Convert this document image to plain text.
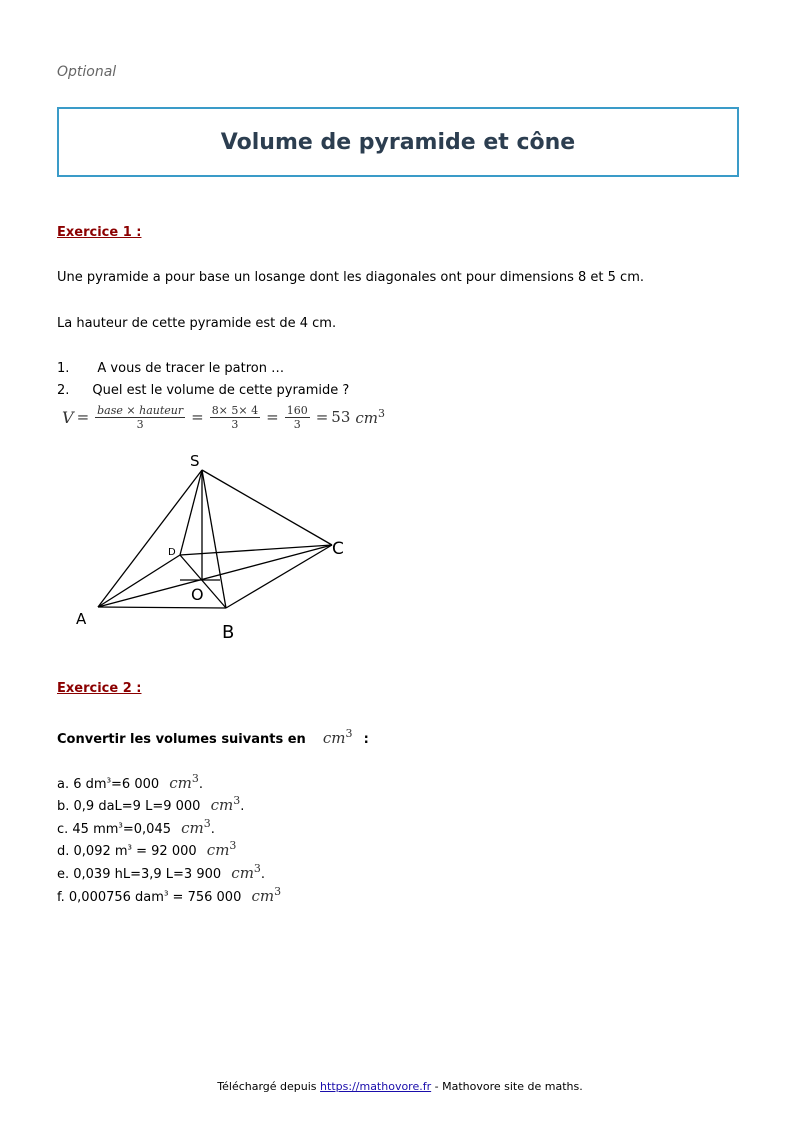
Optional
Volume de pyramide et cône
Exercice 1 :
Une pyramide a pour base un losange dont les diagonales ont pour dimensions 8 et 5 cm.
La hauteur de cette pyramide est de 4 cm.
1. A vous de tracer le patron …
2. Quel est le volume de cette pyramide ?
$V = \frac{\text{base × hauteur}}{3} = \frac{8\times 5\times 4}{3} = \frac{160}{3} = 53$ $cm^3$
S
A
B
C
D
O
Exercice 2 :
Convertir les volumes suivants en $cm^3$ :
a. 6 $dm^3=6$ 000 $cm^3$.
b. 0,9 daL=9 L=9 000 $cm^3$.
c. 45 $mm^3=0,045$ $cm^3$.
d. 0,092 $m^3 = 92$ 000 $cm^3$
e. 0,039 hL=3,9 L=3 900 $cm^3$.
f. 0,000756 dam$^3$ = 756 000 $cm^3$
Téléchargé depuis https://mathovore.fr - Mathovore site de maths.
